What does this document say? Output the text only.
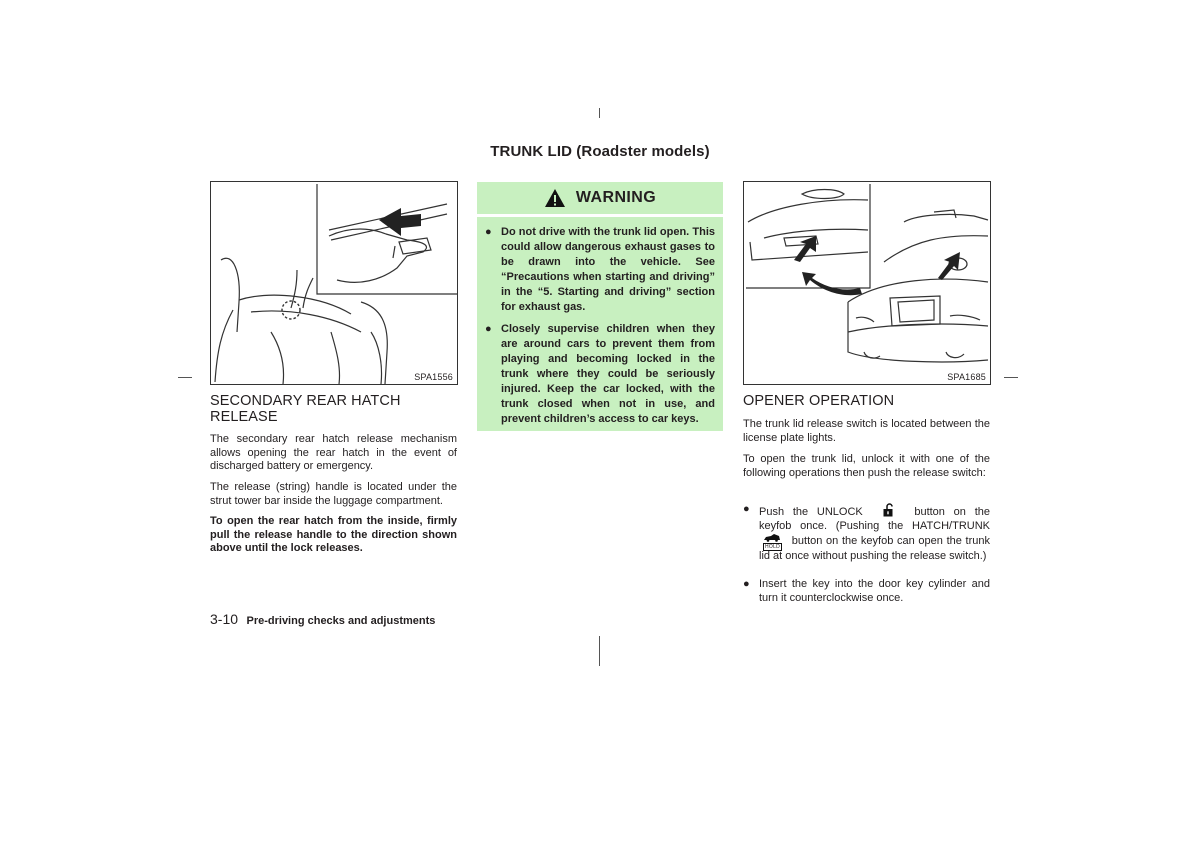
TRUNK LID (Roadster models)
SPA1556
SECONDARY REAR HATCH RELEASE

The secondary rear hatch release mechanism allows opening the rear hatch in the event of discharged battery or emergency.

The release (string) handle is located under the strut tower bar inside the luggage compartment.

To open the rear hatch from the inside, firmly pull the release handle to the direction shown above until the lock releases.

WARNING
● Do not drive with the trunk lid open. This could allow dangerous exhaust gases to be drawn into the vehicle. See “Precautions when starting and driving” in the “5. Starting and driving” section for exhaust gas.
● Closely supervise children when they are around cars to prevent them from playing and becoming locked in the trunk where they could be seriously injured. Keep the car locked, with the trunk closed when not in use, and prevent children’s access to car keys.
SPA1685
OPENER OPERATION

The trunk lid release switch is located between the license plate lights.

To open the trunk lid, unlock it with one of the following operations then push the release switch:

● Push the UNLOCK	button on the keyfob once. (Pushing the HATCH/TRUNK
HOLD button on the keyfob can open the trunk lid at once without pushing the release switch.)
● Insert the key into the door key cylinder and turn it counterclockwise once.
3-10 Pre-driving checks and adjustments
